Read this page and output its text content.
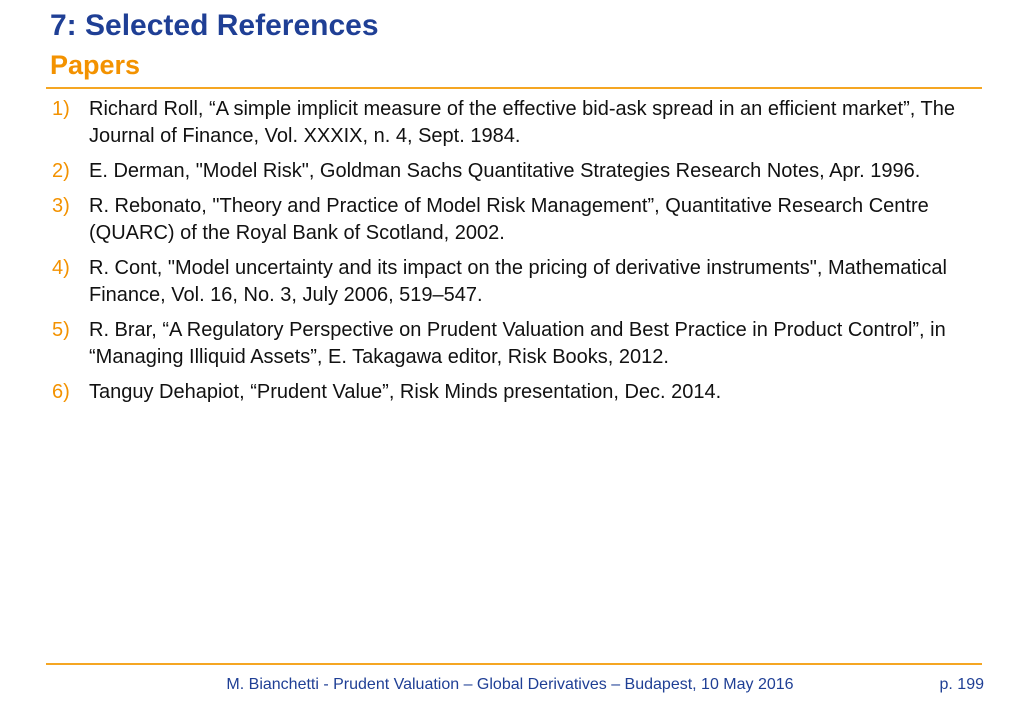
7: Selected References
Papers
1) Richard Roll, “A simple implicit measure of the effective bid-ask spread in an efficient market”, The Journal of Finance, Vol. XXXIX, n. 4, Sept. 1984.
2) E. Derman, "Model Risk", Goldman Sachs Quantitative Strategies Research Notes, Apr. 1996.
3) R. Rebonato, "Theory and Practice of Model Risk Management”, Quantitative Research Centre (QUARC) of the Royal Bank of Scotland, 2002.
4) R. Cont, "Model uncertainty and its impact on the pricing of derivative instruments", Mathematical Finance, Vol. 16, No. 3, July 2006, 519–547.
5) R. Brar, “A Regulatory Perspective on Prudent Valuation and Best Practice in Product Control”, in “Managing Illiquid Assets”, E. Takagawa editor, Risk Books, 2012.
6) Tanguy Dehapiot, “Prudent Value”, Risk Minds presentation, Dec. 2014.
M. Bianchetti - Prudent Valuation – Global Derivatives – Budapest, 10 May 2016	p. 199
